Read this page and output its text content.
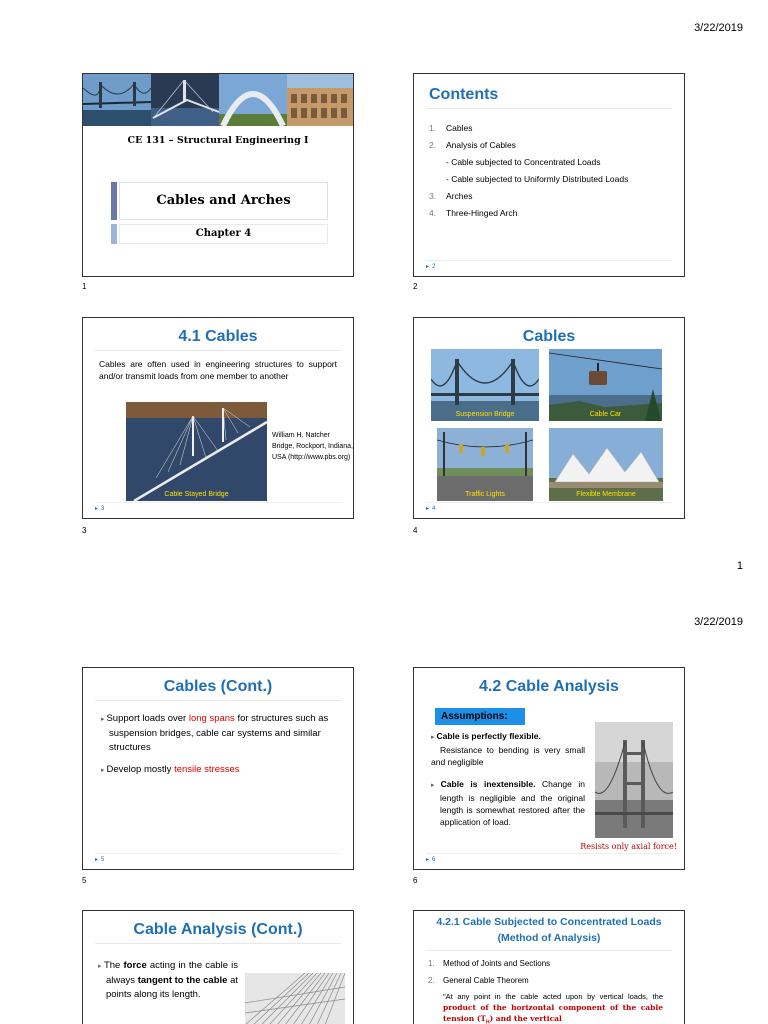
3/22/2019
CE 131 – Structural Engineering I
Cables and Arches
Chapter 4
1
Contents
1. Cables
2. Analysis of Cables
- Cable subjected to Concentrated Loads
- Cable subjected to Uniformly Distributed Loads
3. Arches
4. Three-Hinged Arch
▸ 2
2
4.1 Cables
Cables are often used in engineering structures to support and/or transmit loads from one member to another
Cable Stayed Bridge
William H. Natcher Bridge, Rockport, Indiana, USA (http://www.pbs.org)
▸ 3
3
Cables
Suspension Bridge	Cable Car
Traffic Lights	Flexible Membrane
▸ 4
4
1
3/22/2019
Cables (Cont.)
▸ Support loads over long spans for structures such as suspension bridges, cable car systems and similar structures
▸ Develop mostly tensile stresses
▸ 5
5
4.2 Cable Analysis
Assumptions:
▸ Cable is perfectly flexible.
Resistance to bending is very small and negligible
▸ Cable is inextensible. Change in length is negligible and the original length is somewhat restored after the application of load.
Resists only axial force!
▸ 6
6
Cable Analysis (Cont.)
▸ The force acting in the cable is always tangent to the cable at points along its length.
4.2.1 Cable Subjected to Concentrated Loads
(Method of Analysis)
1. Method of Joints and Sections
2. General Cable Theorem
"At any point in the cable acted upon by vertical loads, the product of the horizontal component of the cable tension $(T_H)$ and the vertical
